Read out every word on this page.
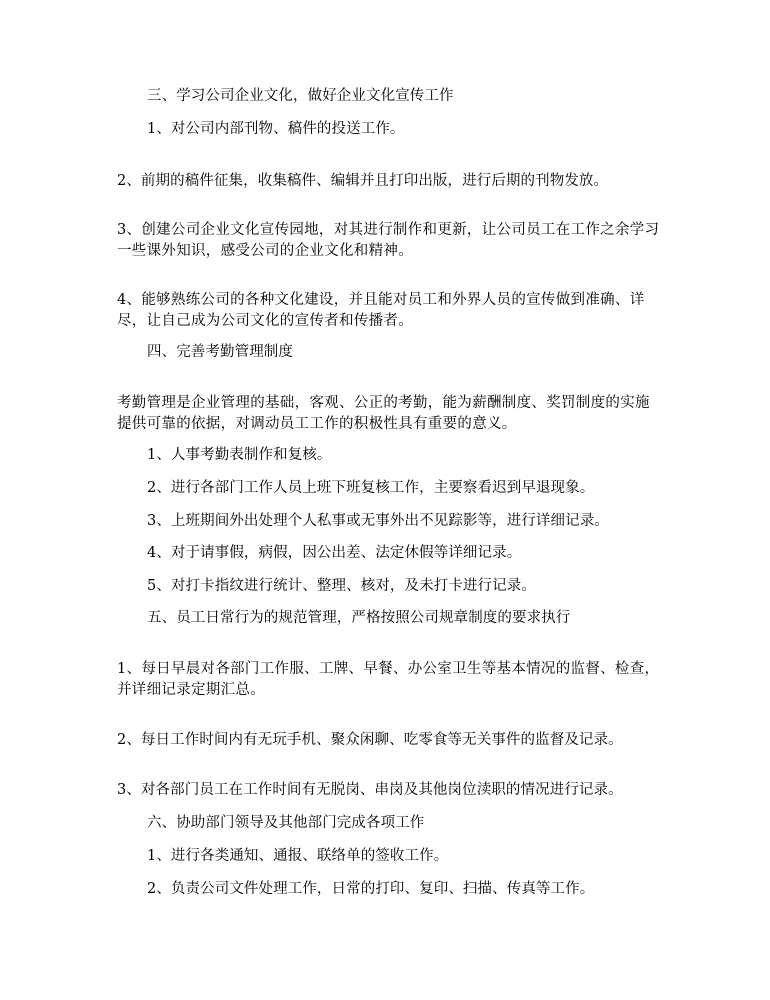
三、学习公司企业文化，做好企业文化宣传工作
1、对公司内部刊物、稿件的投送工作。
2、前期的稿件征集，收集稿件、编辑并且打印出版，进行后期的刊物发放。
3、创建公司企业文化宣传园地，对其进行制作和更新，让公司员工在工作之余学习一些课外知识，感受公司的企业文化和精神。
4、能够熟练公司的各种文化建设，并且能对员工和外界人员的宣传做到准确、详尽，让自己成为公司文化的宣传者和传播者。
四、完善考勤管理制度
考勤管理是企业管理的基础，客观、公正的考勤，能为薪酬制度、奖罚制度的实施提供可靠的依据，对调动员工工作的积极性具有重要的意义。
1、人事考勤表制作和复核。
2、进行各部门工作人员上班下班复核工作，主要察看迟到早退现象。
3、上班期间外出处理个人私事或无事外出不见踪影等，进行详细记录。
4、对于请事假，病假，因公出差、法定休假等详细记录。
5、对打卡指纹进行统计、整理、核对，及未打卡进行记录。
五、员工日常行为的规范管理，严格按照公司规章制度的要求执行
1、每日早晨对各部门工作服、工牌、早餐、办公室卫生等基本情况的监督、检查，并详细记录定期汇总。
2、每日工作时间内有无玩手机、聚众闲聊、吃零食等无关事件的监督及记录。
3、对各部门员工在工作时间有无脱岗、串岗及其他岗位渎职的情况进行记录。
六、协助部门领导及其他部门完成各项工作
1、进行各类通知、通报、联络单的签收工作。
2、负责公司文件处理工作，日常的打印、复印、扫描、传真等工作。
